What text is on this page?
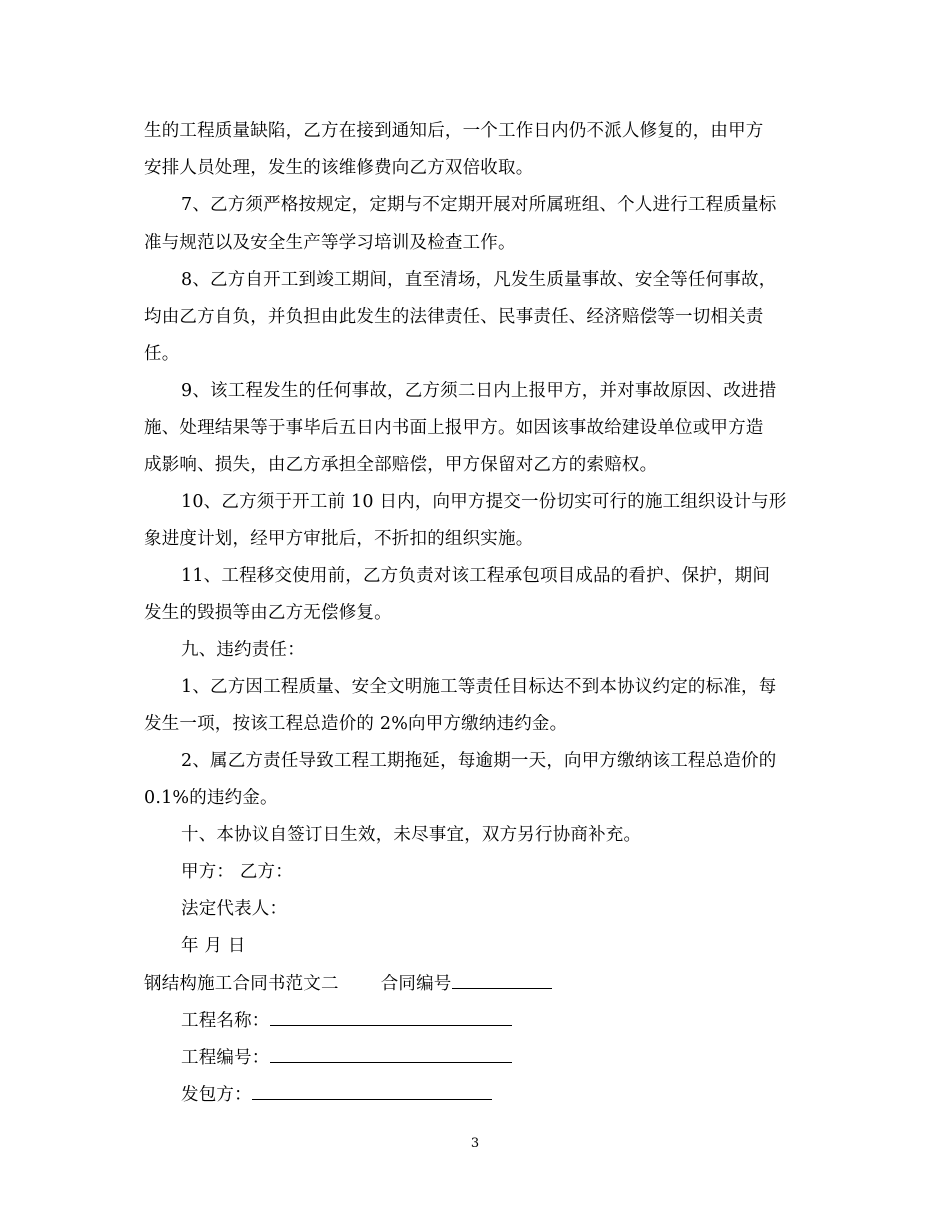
生的工程质量缺陷，乙方在接到通知后，一个工作日内仍不派人修复的，由甲方
安排人员处理，发生的该维修费向乙方双倍收取。
7、乙方须严格按规定，定期与不定期开展对所属班组、个人进行工程质量标
准与规范以及安全生产等学习培训及检查工作。
8、乙方自开工到竣工期间，直至清场，凡发生质量事故、安全等任何事故，
均由乙方自负，并负担由此发生的法律责任、民事责任、经济赔偿等一切相关责
任。
9、该工程发生的任何事故，乙方须二日内上报甲方，并对事故原因、改进措
施、处理结果等于事毕后五日内书面上报甲方。如因该事故给建设单位或甲方造
成影响、损失，由乙方承担全部赔偿，甲方保留对乙方的索赔权。
10、乙方须于开工前 10 日内，向甲方提交一份切实可行的施工组织设计与形
象进度计划，经甲方审批后，不折扣的组织实施。
11、工程移交使用前，乙方负责对该工程承包项目成品的看护、保护，期间
发生的毁损等由乙方无偿修复。
九、违约责任：
1、乙方因工程质量、安全文明施工等责任目标达不到本协议约定的标准，每
发生一项，按该工程总造价的 2%向甲方缴纳违约金。
2、属乙方责任导致工程工期拖延，每逾期一天，向甲方缴纳该工程总造价的
0.1%的违约金。
十、本协议自签订日生效，未尽事宜，双方另行协商补充。
甲方： 乙方：
法定代表人：
年 月 日
钢结构施工合同书范文二 合同编号
工程名称：
工程编号：
发包方：
3
